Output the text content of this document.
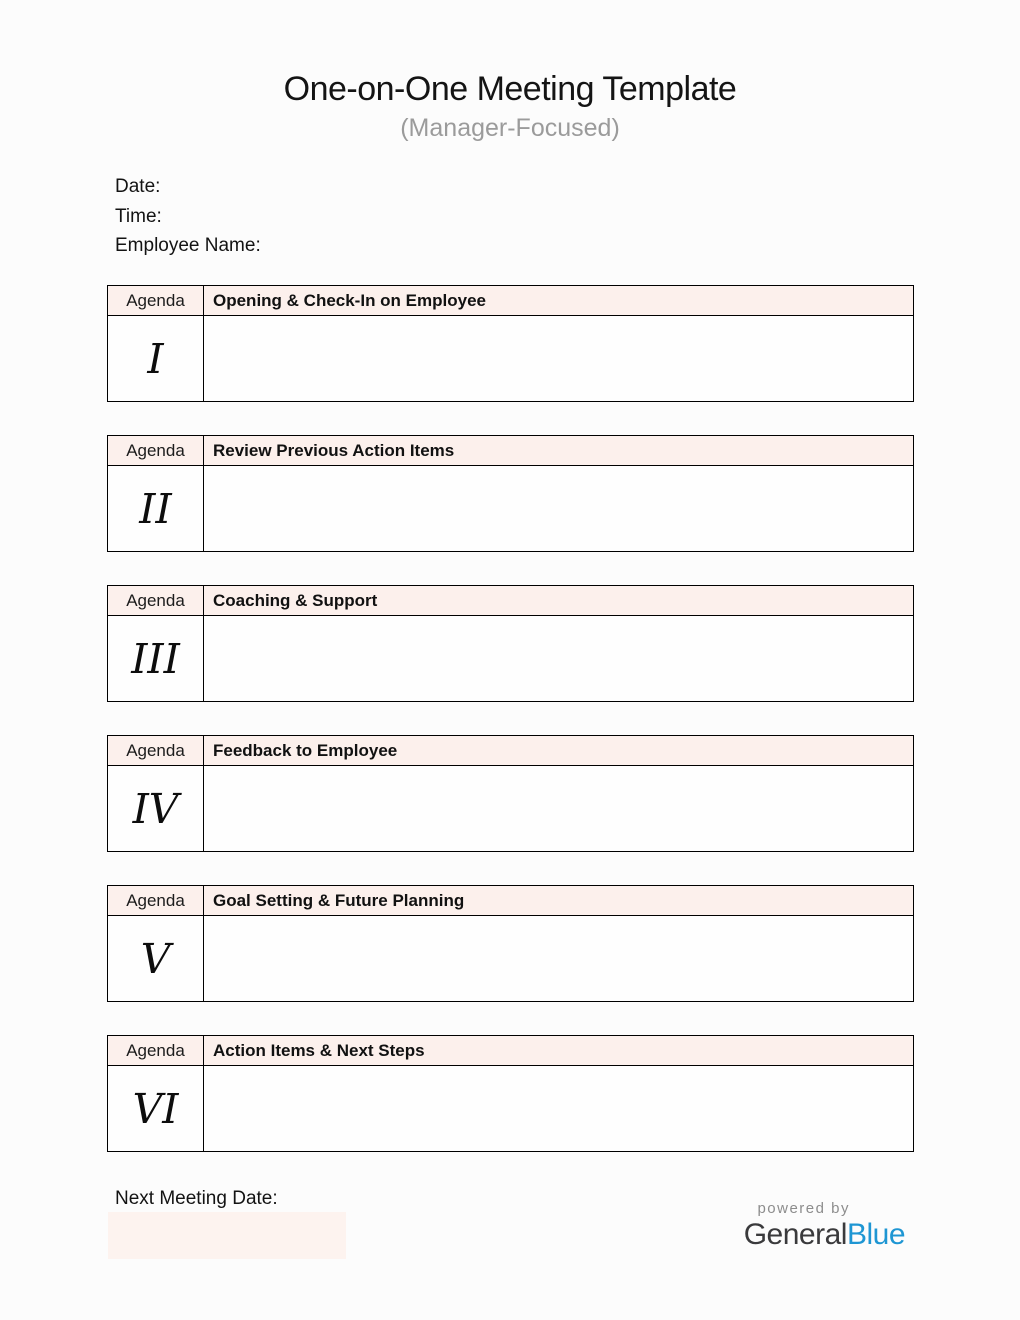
One-on-One Meeting Template
(Manager-Focused)
Date:
Time:
Employee Name:
Agenda	Opening & Check-In on Employee
I	
Agenda	Review Previous Action Items
II	
Agenda	Coaching & Support
III	
Agenda	Feedback to Employee
IV	
Agenda	Goal Setting & Future Planning
V	
Agenda	Action Items & Next Steps
VI	
Next Meeting Date:	powered by
GeneralBlue
